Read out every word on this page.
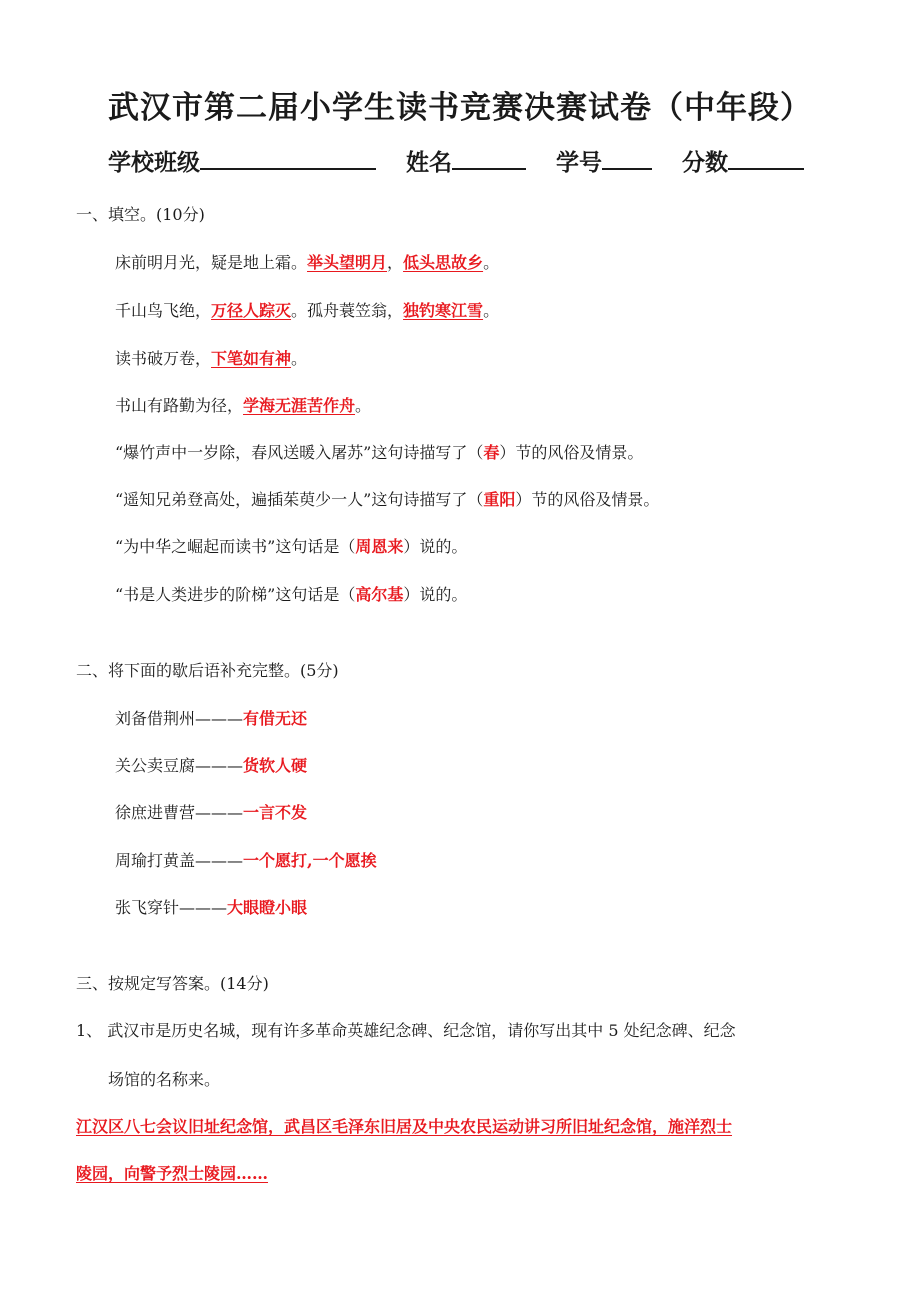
武汉市第二届小学生读书竞赛决赛试卷（中年段）
学校班级	姓名	学号	分数
一、填空。(10分)
床前明月光，疑是地上霜。举头望明月，低头思故乡。
千山鸟飞绝，万径人踪灭。孤舟蓑笠翁，独钓寒江雪。
读书破万卷，下笔如有神。
书山有路勤为径，学海无涯苦作舟。
“爆竹声中一岁除，春风送暖入屠苏”这句诗描写了（春）节的风俗及情景。
“遥知兄弟登高处，遍插茱萸少一人”这句诗描写了（重阳）节的风俗及情景。
“为中华之崛起而读书”这句话是（周恩来）说的。
“书是人类进步的阶梯”这句话是（高尔基）说的。
二、将下面的歇后语补充完整。(5分)
刘备借荆州———有借无还
关公卖豆腐———货软人硬
徐庶进曹营———一言不发
周瑜打黄盖———一个愿打,一个愿挨
张飞穿针———大眼瞪小眼
三、按规定写答案。(14分)
1、 武汉市是历史名城，现有许多革命英雄纪念碑、纪念馆，请你写出其中 5 处纪念碑、纪念
场馆的名称来。
江汉区八七会议旧址纪念馆，武昌区毛泽东旧居及中央农民运动讲习所旧址纪念馆，施洋烈士
陵园，向警予烈士陵园……
